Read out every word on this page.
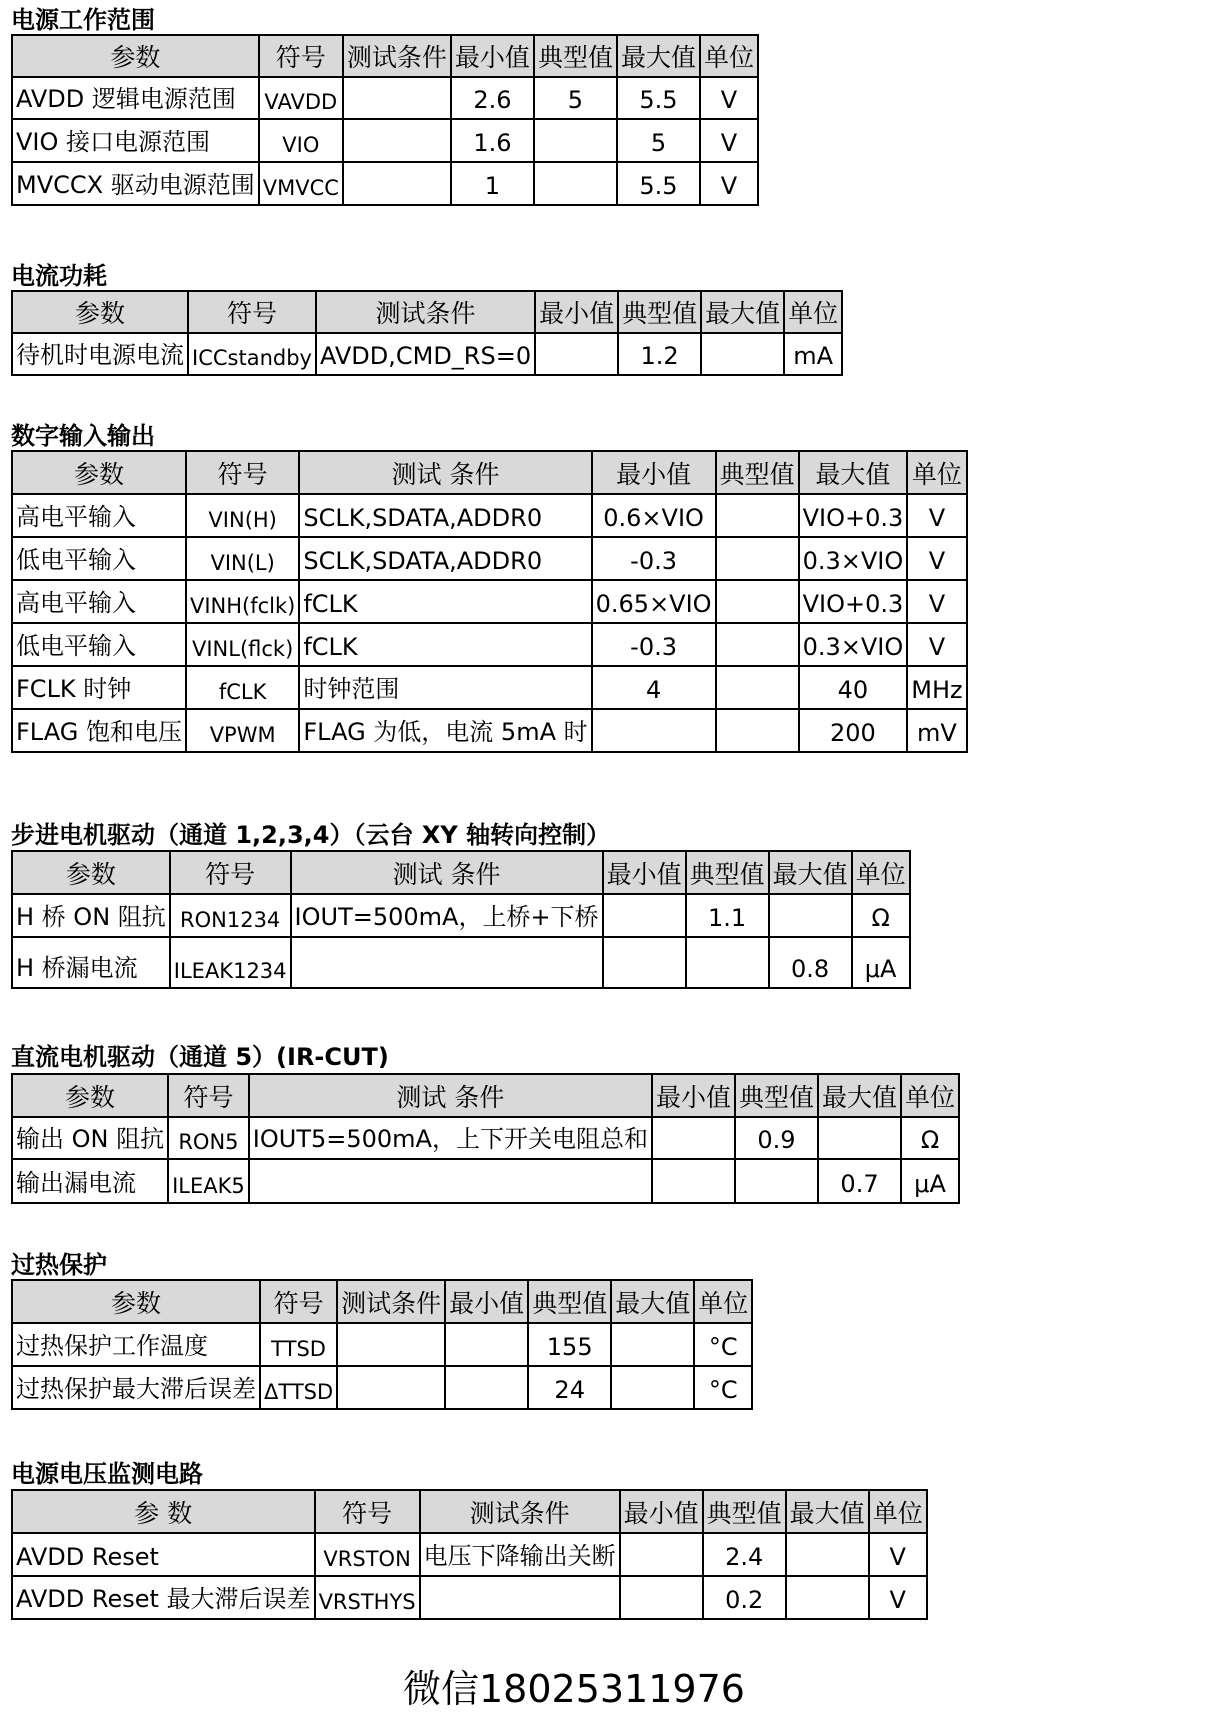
电源工作范围
参数	符号	测试条件	最小值	典型值	最大值	单位
AVDD 逻辑电源范围	VAVDD		2.6	5	5.5	V
VIO 接口电源范围	VIO		1.6		5	V
MVCCX 驱动电源范围	VMVCC		1		5.5	V
电流功耗
参数	符号	测试条件	最小值	典型值	最大值	单位
待机时电源电流	ICCstandby	AVDD,CMD_RS=0		1.2		mA
数字输入输出
参数	符号	测试 条件	最小值	典型值	最大值	单位
高电平输入	VIN(H)	SCLK,SDATA,ADDR0	0.6×VIO		VIO+0.3	V
低电平输入	VIN(L)	SCLK,SDATA,ADDR0	-0.3		0.3×VIO	V
高电平输入	VINH(fclk)	fCLK	0.65×VIO		VIO+0.3	V
低电平输入	VINL(flck)	fCLK	-0.3		0.3×VIO	V
FCLK 时钟	fCLK	时钟范围	4		40	MHz
FLAG 饱和电压	VPWM	FLAG 为低，电流 5mA 时			200	mV
步进电机驱动（通道 1,2,3,4）（云台 XY 轴转向控制）
参数	符号	测试 条件	最小值	典型值	最大值	单位
H 桥 ON 阻抗	RON1234	IOUT=500mA，上桥+下桥		1.1		Ω
H 桥漏电流	ILEAK1234				0.8	μA
直流电机驱动（通道 5）(IR-CUT)
参数	符号	测试 条件	最小值	典型值	最大值	单位
输出 ON 阻抗	RON5	IOUT5=500mA，上下开关电阻总和		0.9		Ω
输出漏电流	ILEAK5				0.7	μA
过热保护
参数	符号	测试条件	最小值	典型值	最大值	单位
过热保护工作温度	TTSD			155		°C
过热保护最大滞后误差	ΔTTSD			24		°C
电源电压监测电路
参 数	符号	测试条件	最小值	典型值	最大值	单位
AVDD Reset	VRSTON	电压下降输出关断		2.4		V
AVDD Reset 最大滞后误差	VRSTHYS			0.2		V
微信18025311976
